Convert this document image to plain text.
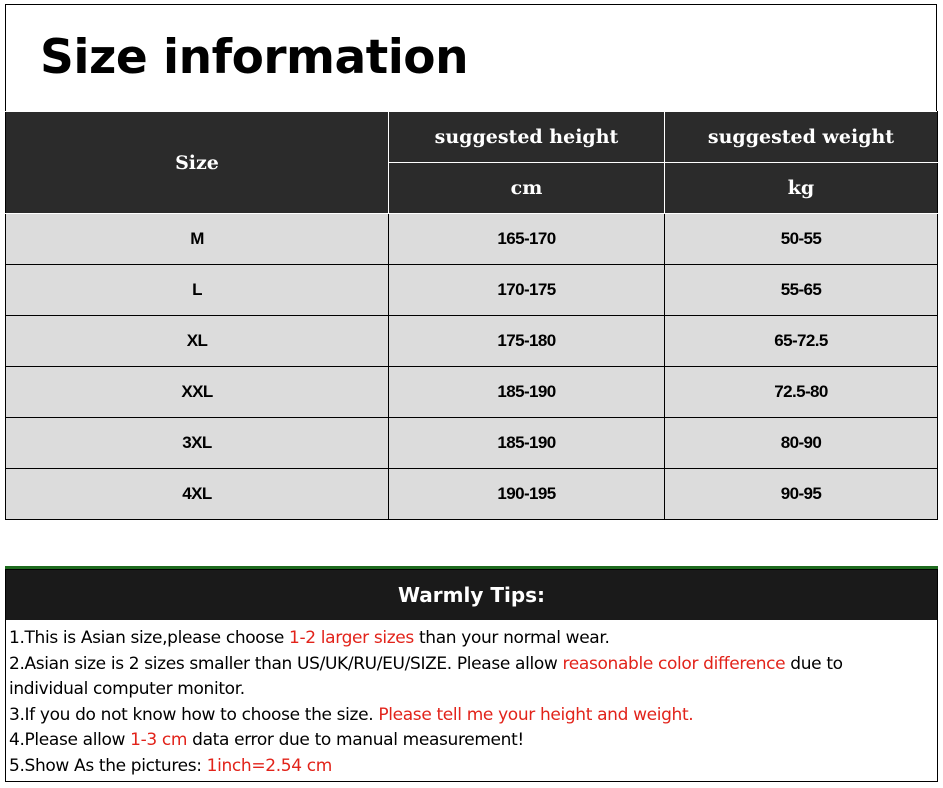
Size information
Size	suggested height	suggested weight
	cm	kg
M	165-170	50-55
L	170-175	55-65
XL	175-180	65-72.5
XXL	185-190	72.5-80
3XL	185-190	80-90
4XL	190-195	90-95
Warmly Tips:
1.This is Asian size,please choose 1-2 larger sizes than your normal wear.
2.Asian size is 2 sizes smaller than US/UK/RU/EU/SIZE. Please allow reasonable color difference due to
individual computer monitor.
3.If you do not know how to choose the size. Please tell me your height and weight.
4.Please allow 1-3 cm data error due to manual measurement!
5.Show As the pictures: 1inch=2.54 cm
